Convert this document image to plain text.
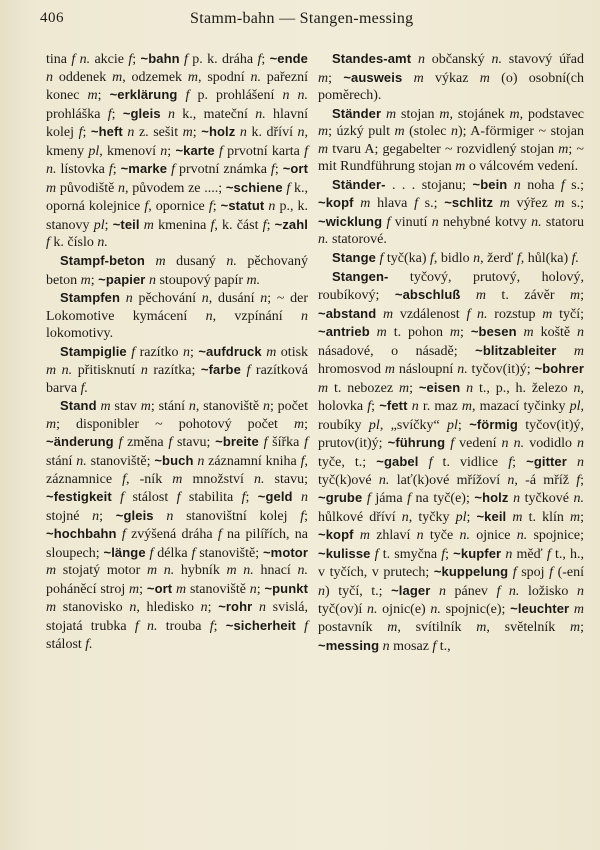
406	Stamm-bahn — Stangen-messing

tina f n. akcie f; ~bahn f p. k. dráha f; ~ende n oddenek m, odzemek m, spodní n. pařezní konec m; ~erklärung f p. prohlášení n n. prohláška f; ~gleis n k., mateční n. hlavní kolej f; ~heft n z. sešit m; ~holz n k. dříví n, kmeny pl, kmenoví n; ~karte f prvotní karta f n. lístovka f; ~marke f prvotní známka f; ~ort m původiště n, původem ze ....; ~schiene f k., oporná kolejnice f, opornice f; ~statut n p., k. stanovy pl; ~teil m kmenina f, k. část f; ~zahl f k. číslo n.

Stampf-beton m dusaný n. pěchovaný beton m; ~papier n stoupový papír m.

Stampfen n pěchování n, dusání n; ~ der Lokomotive kymácení n, vzpínání n lokomotivy.

Stampiglie f razítko n; ~aufdruck m otisk m n. přitisknutí n razítka; ~farbe f razítková barva f.

Stand m stav m; stání n, stanoviště n; počet m; disponibler ~ pohotový počet m; ~änderung f změna f stavu; ~breite f šířka f stání n. stanoviště; ~buch n záznamní kniha f, záznamnice f, -ník m množství n. stavu; ~festigkeit f stálost f stabilita f; ~geld n stojné n; ~gleis n stanovištní kolej f; ~hochbahn f zvýšená dráha f na pilířích, na sloupech; ~länge f délka f stanoviště; ~motor m stojatý motor m n. hybník m n. hnací n. poháněcí stroj m; ~ort m stanoviště n; ~punkt m stanovisko n, hledisko n; ~rohr n svislá, stojatá trubka f n. trouba f; ~sicherheit f stálost f.

Standes-amt n občanský n. stavový úřad m; ~ausweis m výkaz m (o) osobní(ch poměrech).

Ständer m stojan m, stojánek m, podstavec m; úzký pult m (stolec n); A-förmiger ~ stojan m tvaru A; gegabelter ~ rozvidlený stojan m; ~ mit Rundführung stojan m o válcovém vedení.

Ständer- . . . stojanu; ~bein n noha f s.; ~kopf m hlava f s.; ~schlitz m výřez m s.; ~wicklung f vinutí n nehybné kotvy n. statoru n. statorové.

Stange f tyč(ka) f, bidlo n, žerď f, hůl(ka) f.

Stangen- tyčový, prutový, holový, roubíkový; ~abschluß m t. závěr m; ~abstand m vzdálenost f n. rozstup m tyčí; ~antrieb m t. pohon m; ~besen m koště n násadové, o násadě; ~blitzableiter m hromosvod m násloupní n. tyčov(it)ý; ~bohrer m t. nebozez m; ~eisen n t., p., h. železo n, holovka f; ~fett n r. maz m, mazací tyčinky pl, roubíky pl, „svíčky“ pl; ~förmig tyčov(it)ý, prutov(it)ý; ~führung f vedení n n. vodidlo n tyče, t.; ~gabel f t. vidlice f; ~gitter n tyč(k)ové n. lať(k)ové mřížoví n, -á mříž f; ~grube f jáma f na tyč(e); ~holz n tyčkové n. hůlkové dříví n, tyčky pl; ~keil m t. klín m; ~kopf m zhlaví n tyče n. ojnice n. spojnice; ~kulisse f t. smyčna f; ~kupfer n měď f t., h., v tyčích, v prutech; ~kuppelung f spoj f (-ení n) tyčí, t.; ~lager n pánev f n. ložisko n tyč(ov)í n. ojnic(e) n. spojnic(e); ~leuchter m postavník m, svítilník m, světelník m; ~messing n mosaz f t.,
